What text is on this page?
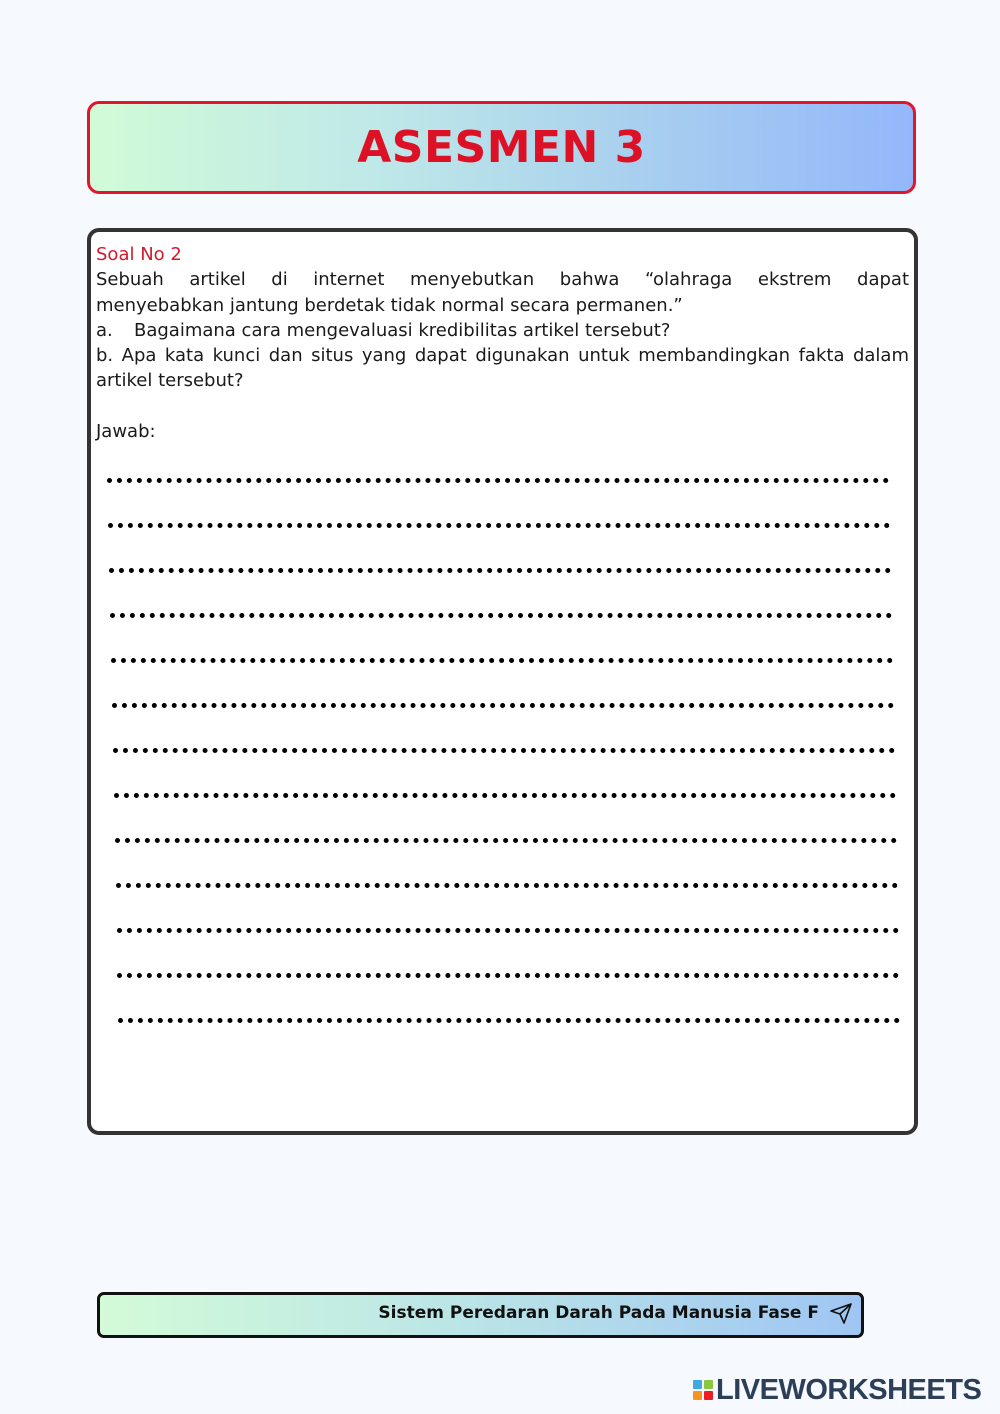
ASESMEN 3
Soal No 2
Sebuah artikel di internet menyebutkan bahwa “olahraga ekstrem dapat
menyebabkan jantung berdetak tidak normal secara permanen.”
a. Bagaimana cara mengevaluasi kredibilitas artikel tersebut?
b. Apa kata kunci dan situs yang dapat digunakan untuk membandingkan fakta dalam
artikel tersebut?
Jawab:
Sistem Peredaran Darah Pada Manusia Fase F
LIVEWORKSHEETS
